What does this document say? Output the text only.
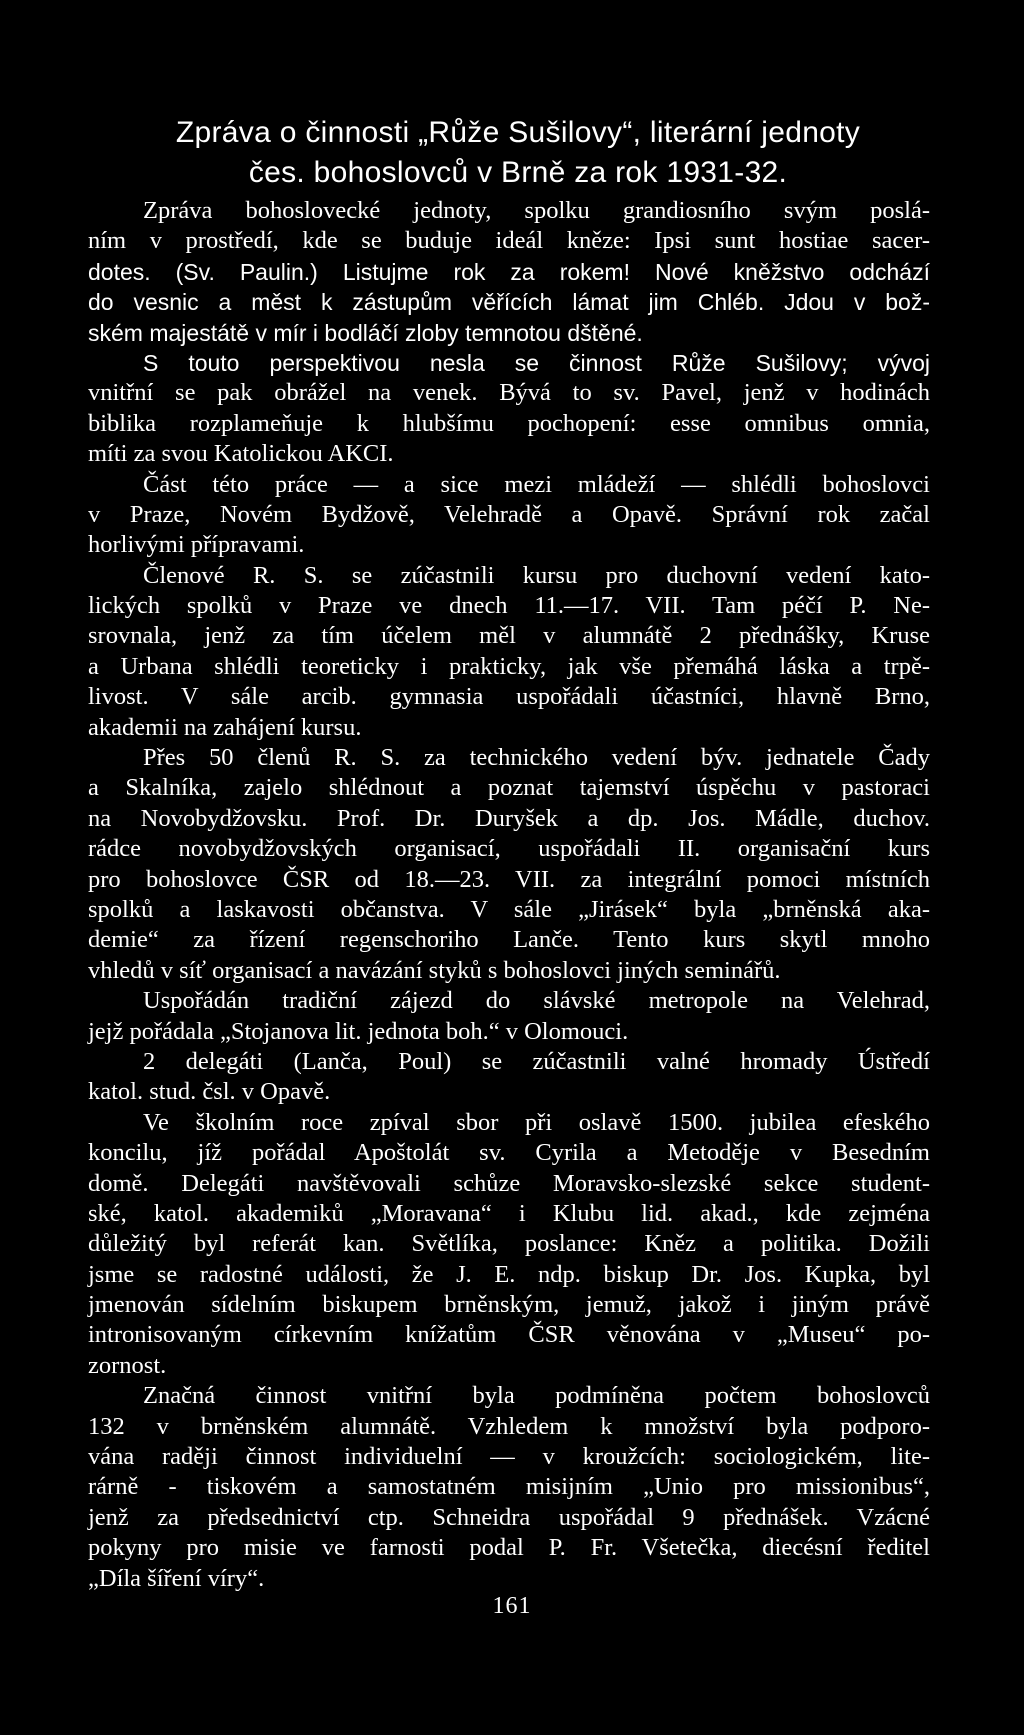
Zpráva o činnosti „Růže Sušilovy“, literární jednoty
čes. bohoslovců v Brně za rok 1931-32.

Zpráva bohoslovecké jednoty, spolku grandiosního svým poslá-
ním v prostředí, kde se buduje ideál kněze: Ipsi sunt hostiae sacer-
dotes. (Sv. Paulin.) Listujme rok za rokem! Nové kněžstvo odchází
do vesnic a měst k zástupům věřících lámat jim Chléb. Jdou v bož-
ském majestátě v mír i bodláčí zloby temnotou dštěné.

S touto perspektivou nesla se činnost Růže Sušilovy; vývoj
vnitřní se pak obrážel na venek. Bývá to sv. Pavel, jenž v hodinách
biblika rozplameňuje k hlubšímu pochopení: esse omnibus omnia,
míti za svou Katolickou AKCI.

Část této práce — a sice mezi mládeží — shlédli bohoslovci
v Praze, Novém Bydžově, Velehradě a Opavě. Správní rok začal
horlivými přípravami.

Členové R. S. se zúčastnili kursu pro duchovní vedení kato-
lických spolků v Praze ve dnech 11.—17. VII. Tam péčí P. Ne-
srovnala, jenž za tím účelem měl v alumnátě 2 přednášky, Kruse
a Urbana shlédli teoreticky i prakticky, jak vše přemáhá láska a trpě-
livost. V sále arcib. gymnasia uspořádali účastníci, hlavně Brno,
akademii na zahájení kursu.

Přes 50 členů R. S. za technického vedení býv. jednatele Čady
a Skalníka, zajelo shlédnout a poznat tajemství úspěchu v pastoraci
na Novobydžovsku. Prof. Dr. Duryšek a dp. Jos. Mádle, duchov.
rádce novobydžovských organisací, uspořádali II. organisační kurs
pro bohoslovce ČSR od 18.—23. VII. za integrální pomoci místních
spolků a laskavosti občanstva. V sále „Jirásek“ byla „brněnská aka-
demie“ za řízení regenschoriho Lanče. Tento kurs skytl mnoho
vhledů v síť organisací a navázání styků s bohoslovci jiných seminářů.

Uspořádán tradiční zájezd do slávské metropole na Velehrad,
jejž pořádala „Stojanova lit. jednota boh.“ v Olomouci.

2 delegáti (Lanča, Poul) se zúčastnili valné hromady Ústředí
katol. stud. čsl. v Opavě.

Ve školním roce zpíval sbor při oslavě 1500. jubilea efeského
koncilu, jíž pořádal Apoštolát sv. Cyrila a Metoděje v Besedním
domě. Delegáti navštěvovali schůze Moravsko-slezské sekce student-
ské, katol. akademiků „Moravana“ i Klubu lid. akad., kde zejména
důležitý byl referát kan. Světlíka, poslance: Kněz a politika. Dožili
jsme se radostné události, že J. E. ndp. biskup Dr. Jos. Kupka, byl
jmenován sídelním biskupem brněnským, jemuž, jakož i jiným právě
intronisovaným církevním knížatům ČSR věnována v „Museu“ po-
zornost.

Značná činnost vnitřní byla podmíněna počtem bohoslovců
132 v brněnském alumnátě. Vzhledem k množství byla podporo-
vána raději činnost individuelní — v kroužcích: sociologickém, lite-
rárně - tiskovém a samostatném misijním „Unio pro missionibus“,
jenž za předsednictví ctp. Schneidra uspořádal 9 přednášek. Vzácné
pokyny pro misie ve farnosti podal P. Fr. Všetečka, diecésní ředitel
„Díla šíření víry“.

161
